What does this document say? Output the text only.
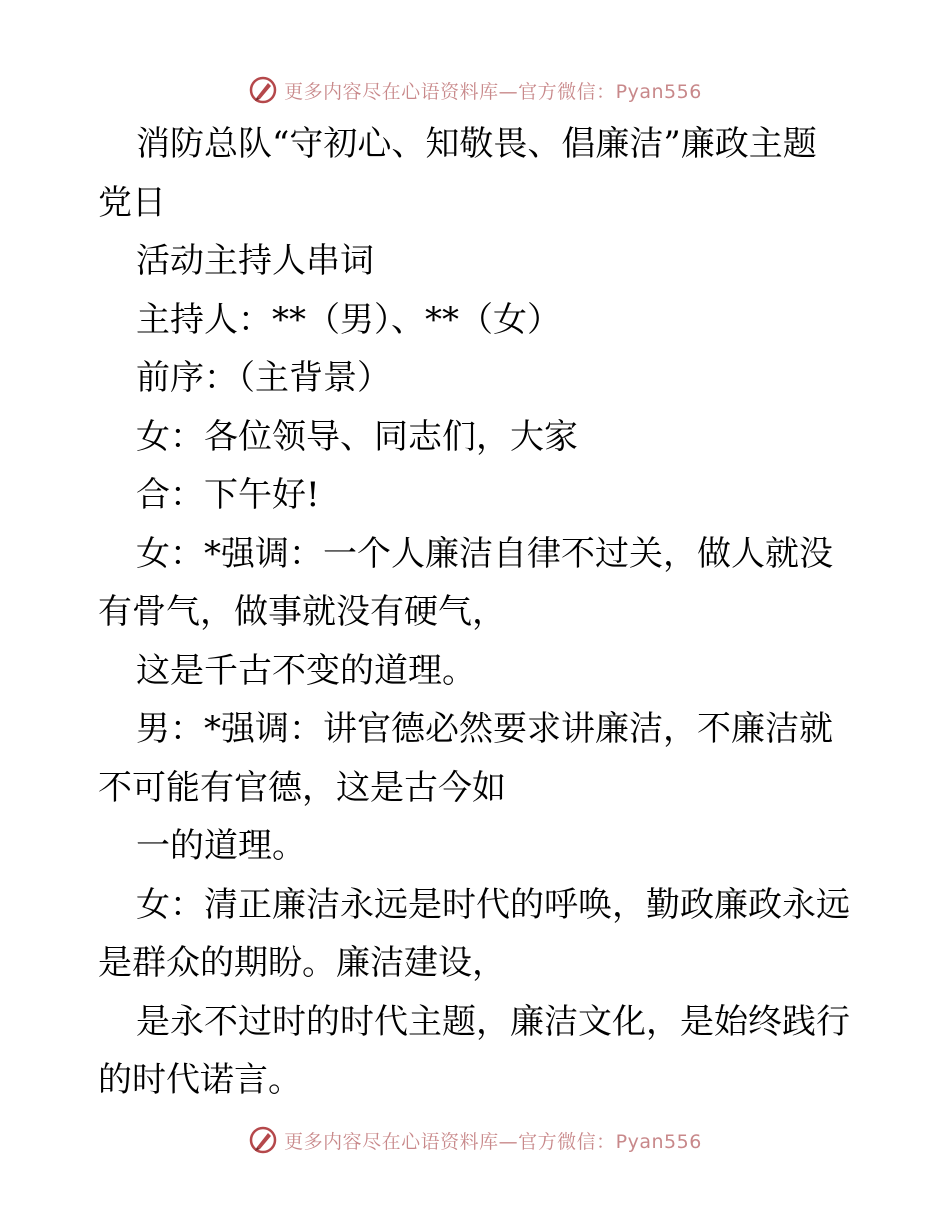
更多内容尽在心语资料库—官方微信：Pyan556
消防总队“守初心、知敬畏、倡廉洁”廉政主题
党日
活动主持人串词
主持人：**（男）、**（女）
前序：（主背景）
女：各位领导、同志们，大家
合：下午好!
女：*强调：一个人廉洁自律不过关，做人就没
有骨气，做事就没有硬气，
这是千古不变的道理。
男：*强调：讲官德必然要求讲廉洁，不廉洁就
不可能有官德，这是古今如
一的道理。
女：清正廉洁永远是时代的呼唤，勤政廉政永远
是群众的期盼。廉洁建设，
是永不过时的时代主题，廉洁文化，是始终践行
的时代诺言。
更多内容尽在心语资料库—官方微信：Pyan556
